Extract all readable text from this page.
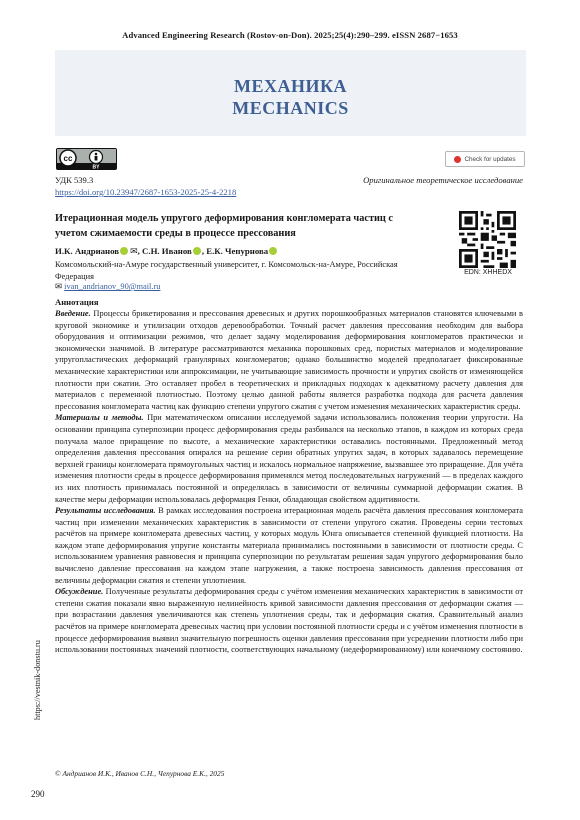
Advanced Engineering Research (Rostov-on-Don). 2025;25(4):290–299. eISSN 2687−1653
МЕХАНИКА
MECHANICS
cc
BY
Check for updates
УДК 539.3	Оригинальное теоретическое исследование
https://doi.org/10.23947/2687-1653-2025-25-4-2218
Итерационная модель упругого деформирования конгломерата частиц с учетом сжимаемости среды в процессе прессования
EDN: XHHEDX
И.К. Андрианов ✉, С.Н. Иванов , Е.К. Чепурнова
Комсомольский-на-Амуре государственный университет, г. Комсомольск-на-Амуре, Российская Федерация
✉ ivan_andrianov_90@mail.ru
Аннотация

Введение. Процессы брикетирования и прессования древесных и других порошкообразных материалов становятся ключевыми в круговой экономике и утилизации отходов деревообработки. Точный расчет давления прессования необходим для выбора оборудования и оптимизации режимов, что делает задачу моделирования деформирования конгломератов практически и экономически значимой. В литературе рассматриваются механика порошковых сред, пористых материалов и моделирование упругопластических деформаций гранулярных конгломератов; однако большинство моделей предполагает фиксированные механические характеристики или аппроксимации, не учитывающие зависимость прочности и упругих свойств от изменяющейся плотности при сжатии. Это оставляет пробел в теоретических и прикладных подходах к адекватному расчету давления для материалов с переменной плотностью. Поэтому целью данной работы является разработка подхода для расчета давления прессования конгломерата частиц как функцию степени упругого сжатия с учетом изменения механических характеристик среды.

Материалы и методы. При математическом описании исследуемой задачи использовались положения теории упругости. На основании принципа суперпозиции процесс деформирования среды разбивался на несколько этапов, в каждом из которых среда получала малое приращение по высоте, а механические характеристики оставались постоянными. Предложенный метод определения давления прессования опирался на решение серии обратных упругих задач, в которых задавалось перемещение верхней границы конгломерата прямоугольных частиц и искалось нормальное напряжение, вызвавшее это приращение. Для учёта изменения плотности среды в процессе деформирования применялся метод последовательных нагружений — в пределах каждого из них плотность принималась постоянной и определялась в зависимости от величины суммарной деформации сжатия. В качестве меры деформации использовалась деформация Генки, обладающая свойством аддитивности.

Результаты исследования. В рамках исследования построена итерационная модель расчёта давления прессования конгломерата частиц при изменении механических характеристик в зависимости от степени упругого сжатия. Проведены серии тестовых расчётов на примере конгломерата древесных частиц, у которых модуль Юнга описывается степенной функцией плотности. На каждом этапе деформирования упругие константы материала принимались постоянными в зависимости от плотности среды. С использованием уравнения равновесия и принципа суперпозиции по результатам решения задач упругого деформирования было вычислено давление прессования на каждом этапе нагружения, а также построена зависимость давления прессования от величины деформации сжатия и степени уплотнения.

Обсуждение. Полученные результаты деформирования среды с учётом изменения механических характеристик в зависимости от степени сжатия показали явно выраженную нелинейность кривой зависимости давления прессования от деформации сжатия — при возрастании давления увеличиваются как степень уплотнения среды, так и деформация сжатия. Сравнительный анализ расчётов на примере конгломерата древесных частиц при условии постоянной плотности среды и с учётом изменения плотности в процессе деформирования выявил значительную погрешность оценки давления прессования при усреднении плотности либо при использовании постоянных значений плотности, соответствующих начальному (недеформированному) или конечному состоянию.

https://vestnik-donstu.ru
© Андрианов И.К., Иванов С.Н., Чепурнова Е.К., 2025
290
